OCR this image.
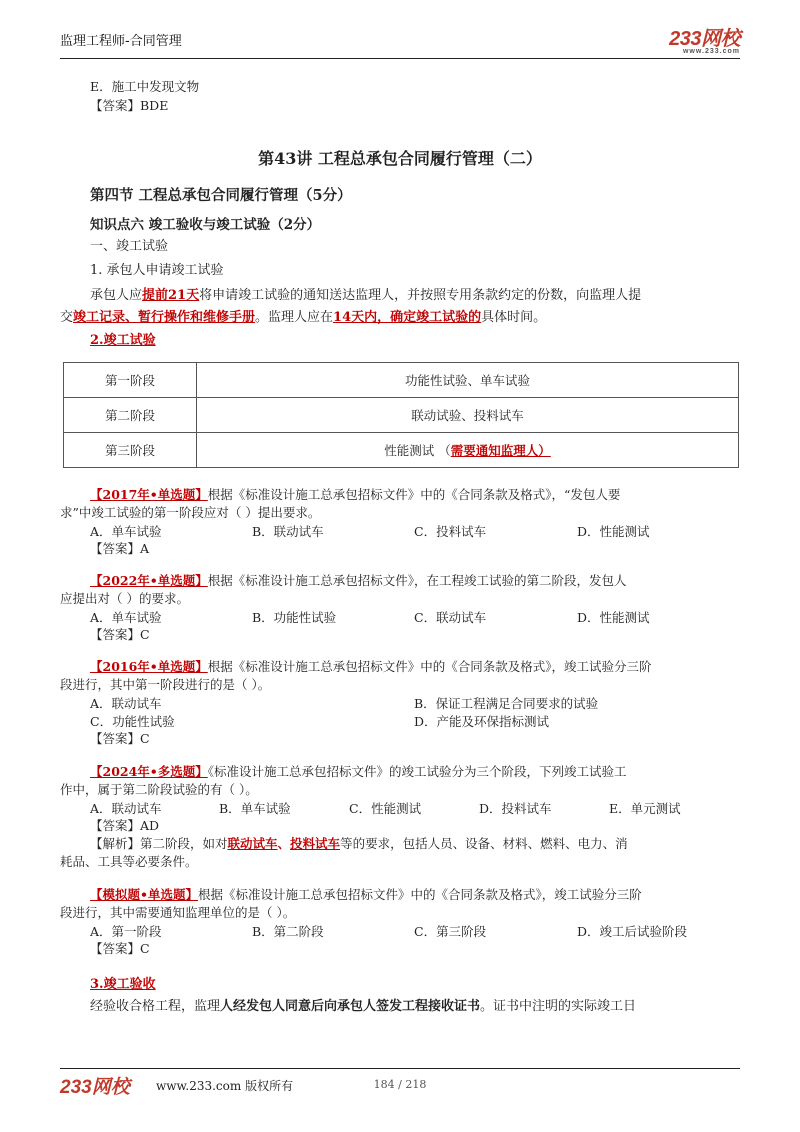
监理工程师-合同管理	233网校
www.233.com
E．施工中发现文物
【答案】BDE
第43讲 工程总承包合同履行管理（二）
第四节 工程总承包合同履行管理（5分）
知识点六 竣工验收与竣工试验（2分）
一、竣工试验
1. 承包人申请竣工试验
承包人应提前21天将申请竣工试验的通知送达监理人，并按照专用条款约定的份数，向监理人提
交竣工记录、暂行操作和维修手册。监理人应在14天内，确定竣工试验的具体时间。
2.竣工试验
第一阶段	功能性试验、单车试验
第二阶段	联动试验、投料试车
第三阶段	性能测试 （需要通知监理人）
【2017年•单选题】根据《标准设计施工总承包招标文件》中的《合同条款及格式》，“发包人要
求”中竣工试验的第一阶段应对（ ）提出要求。
A．单车试验	B．联动试车	C．投料试车	D．性能测试
【答案】A
【2022年•单选题】根据《标准设计施工总承包招标文件》，在工程竣工试验的第二阶段，发包人
应提出对（ ）的要求。
A．单车试验	B．功能性试验	C．联动试车	D．性能测试
【答案】C
【2016年•单选题】根据《标准设计施工总承包招标文件》中的《合同条款及格式》，竣工试验分三阶
段进行，其中第一阶段进行的是（ ）。
A．联动试车	B．保证工程满足合同要求的试验
C．功能性试验	D．产能及环保指标测试
【答案】C
【2024年•多选题】《标准设计施工总承包招标文件》的竣工试验分为三个阶段，下列竣工试验工
作中，属于第二阶段试验的有（ ）。
A．联动试车	B．单车试验	C．性能测试	D．投料试车	E．单元测试
【答案】AD
【解析】第二阶段，如对联动试车、投料试车等的要求，包括人员、设备、材料、燃料、电力、消
耗品、工具等必要条件。
【模拟题•单选题】根据《标准设计施工总承包招标文件》中的《合同条款及格式》，竣工试验分三阶
段进行，其中需要通知监理单位的是（ ）。
A．第一阶段	B．第二阶段	C．第三阶段	D．竣工后试验阶段
【答案】C
3.竣工验收
经验收合格工程，监理人经发包人同意后向承包人签发工程接收证书。证书中注明的实际竣工日
233网校 www.233.com 版权所有	184 / 218
